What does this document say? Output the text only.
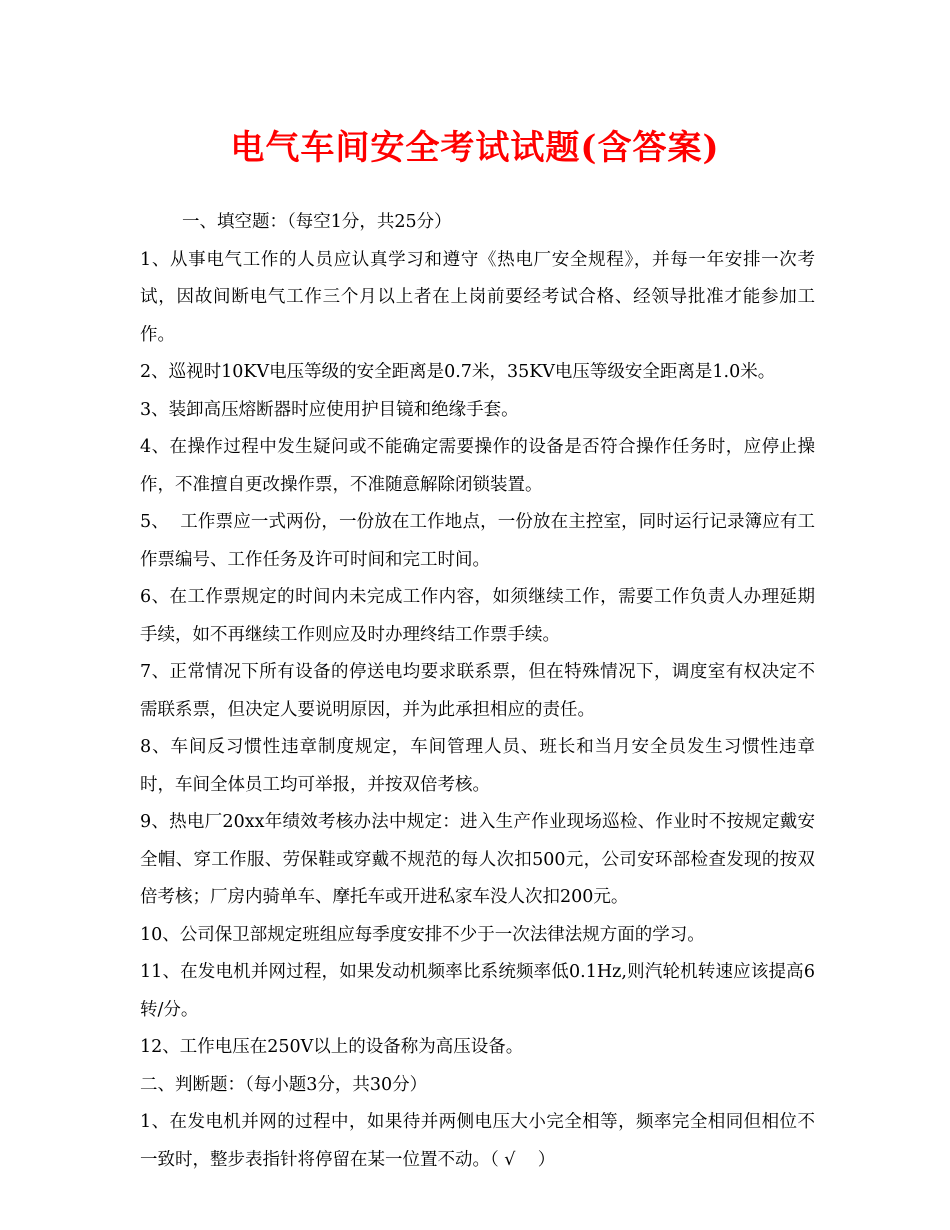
电气车间安全考试试题(含答案)

一、填空题：（每空1分，共25分）

1、从事电气工作的人员应认真学习和遵守《热电厂安全规程》，并每一年安排一次考试，因故间断电气工作三个月以上者在上岗前要经考试合格、经领导批准才能参加工作。

2、巡视时10KV电压等级的安全距离是0.7米，35KV电压等级安全距离是1.0米。

3、装卸高压熔断器时应使用护目镜和绝缘手套。

4、在操作过程中发生疑问或不能确定需要操作的设备是否符合操作任务时，应停止操作，不准擅自更改操作票，不准随意解除闭锁装置。

5、  工作票应一式两份，一份放在工作地点，一份放在主控室，同时运行记录簿应有工作票编号、工作任务及许可时间和完工时间。

6、在工作票规定的时间内未完成工作内容，如须继续工作，需要工作负责人办理延期手续，如不再继续工作则应及时办理终结工作票手续。

7、正常情况下所有设备的停送电均要求联系票，但在特殊情况下，调度室有权决定不需联系票，但决定人要说明原因，并为此承担相应的责任。

8、车间反习惯性违章制度规定，车间管理人员、班长和当月安全员发生习惯性违章时，车间全体员工均可举报，并按双倍考核。

9、热电厂20xx年绩效考核办法中规定：进入生产作业现场巡检、作业时不按规定戴安全帽、穿工作服、劳保鞋或穿戴不规范的每人次扣500元，公司安环部检查发现的按双倍考核；厂房内骑单车、摩托车或开进私家车没人次扣200元。

10、公司保卫部规定班组应每季度安排不少于一次法律法规方面的学习。

11、在发电机并网过程，如果发动机频率比系统频率低0.1Hz,则汽轮机转速应该提高6转/分。

12、工作电压在250V以上的设备称为高压设备。

二、判断题：（每小题3分，共30分）

1、在发电机并网的过程中，如果待并两侧电压大小完全相等，频率完全相同但相位不一致时，整步表指针将停留在某一位置不动。（ √    ）
